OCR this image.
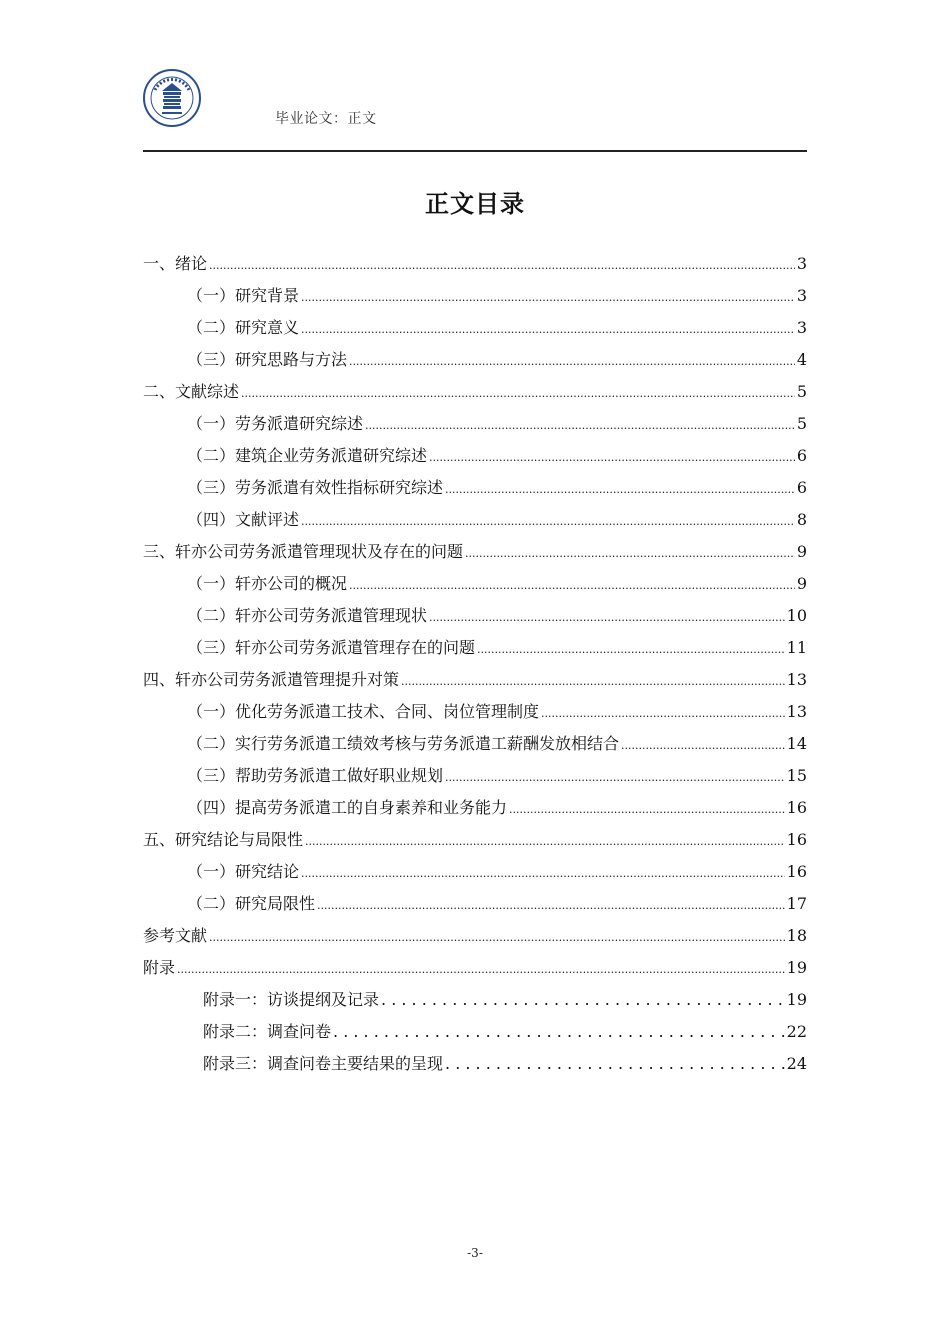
毕业论文：正文
正文目录
一、绪论 .....	3
（一）研究背景 .....	3
（二）研究意义 .....	3
（三）研究思路与方法 .....	4
二、文献综述 .....	5
（一）劳务派遣研究综述 .....	5
（二）建筑企业劳务派遣研究综述 .....	6
（三）劳务派遣有效性指标研究综述 .....	6
（四）文献评述 .....	8
三、轩亦公司劳务派遣管理现状及存在的问题 .....	9
（一）轩亦公司的概况 .....	9
（二）轩亦公司劳务派遣管理现状 .....	10
（三）轩亦公司劳务派遣管理存在的问题 .....	11
四、轩亦公司劳务派遣管理提升对策 .....	13
（一）优化劳务派遣工技术、合同、岗位管理制度 .....	13
（二）实行劳务派遣工绩效考核与劳务派遣工薪酬发放相结合 .....	14
（三）帮助劳务派遣工做好职业规划 .....	15
（四）提高劳务派遣工的自身素养和业务能力 .....	16
五、研究结论与局限性 .....	16
（一）研究结论 .....	16
（二）研究局限性 .....	17
参考文献 .....	18
附录 .....	19
附录一：访谈提纲及记录 . . .	19
附录二：调查问卷 . . .	22
附录三：调查问卷主要结果的呈现 . . .	24
-3-
